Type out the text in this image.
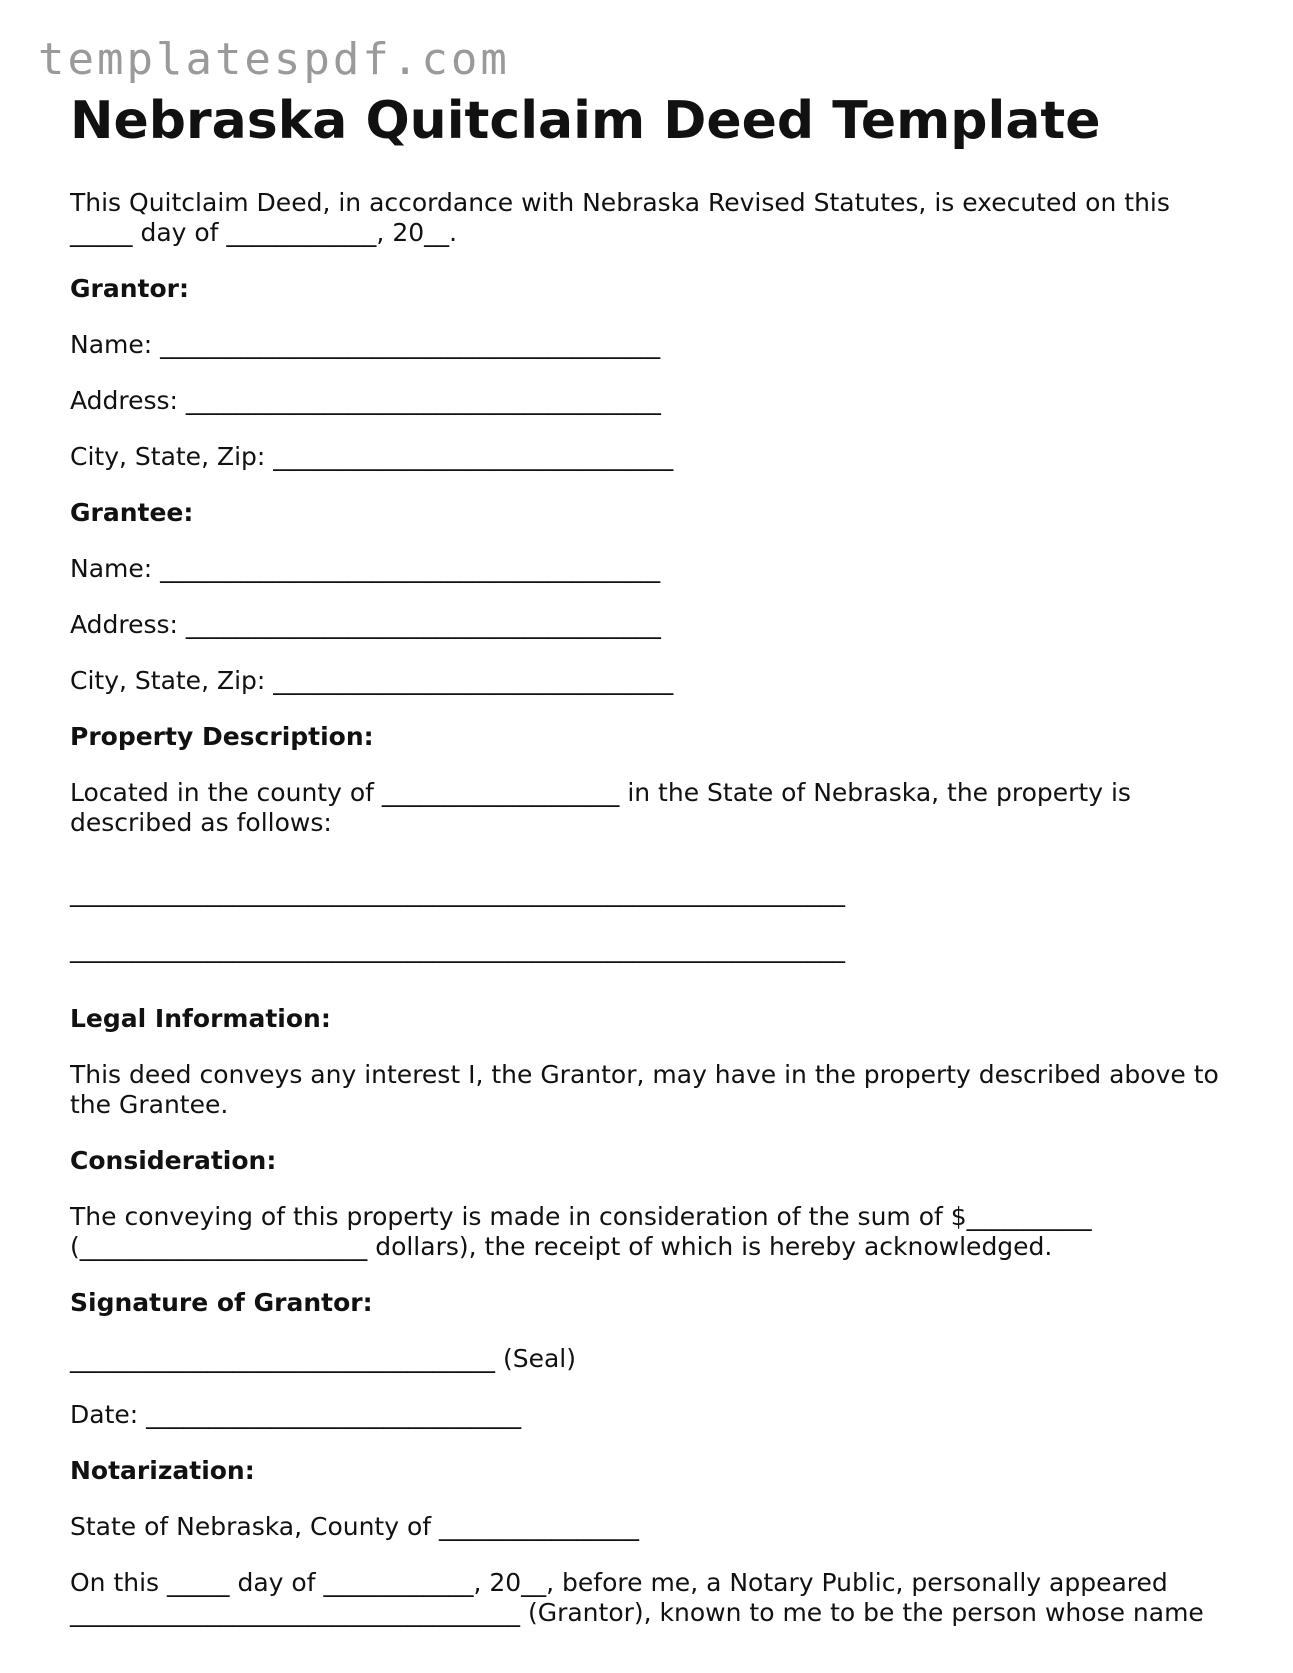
templatespdf.com
Nebraska Quitclaim Deed Template
This Quitclaim Deed, in accordance with Nebraska Revised Statutes, is executed on this _____ day of ____________, 20__.
Grantor:
Name: ________________________________________
Address: ______________________________________
City, State, Zip: ________________________________
Grantee:
Name: ________________________________________
Address: ______________________________________
City, State, Zip: ________________________________
Property Description:
Located in the county of ___________________ in the State of Nebraska, the property is described as follows:
______________________________________________________________
______________________________________________________________
Legal Information:
This deed conveys any interest I, the Grantor, may have in the property described above to the Grantee.
Consideration:
The conveying of this property is made in consideration of the sum of $__________ (_______________________ dollars), the receipt of which is hereby acknowledged.
Signature of Grantor:
__________________________________ (Seal)
Date: ______________________________
Notarization:
State of Nebraska, County of ________________
On this _____ day of ____________, 20__, before me, a Notary Public, personally appeared ____________________________________ (Grantor), known to me to be the person whose name
